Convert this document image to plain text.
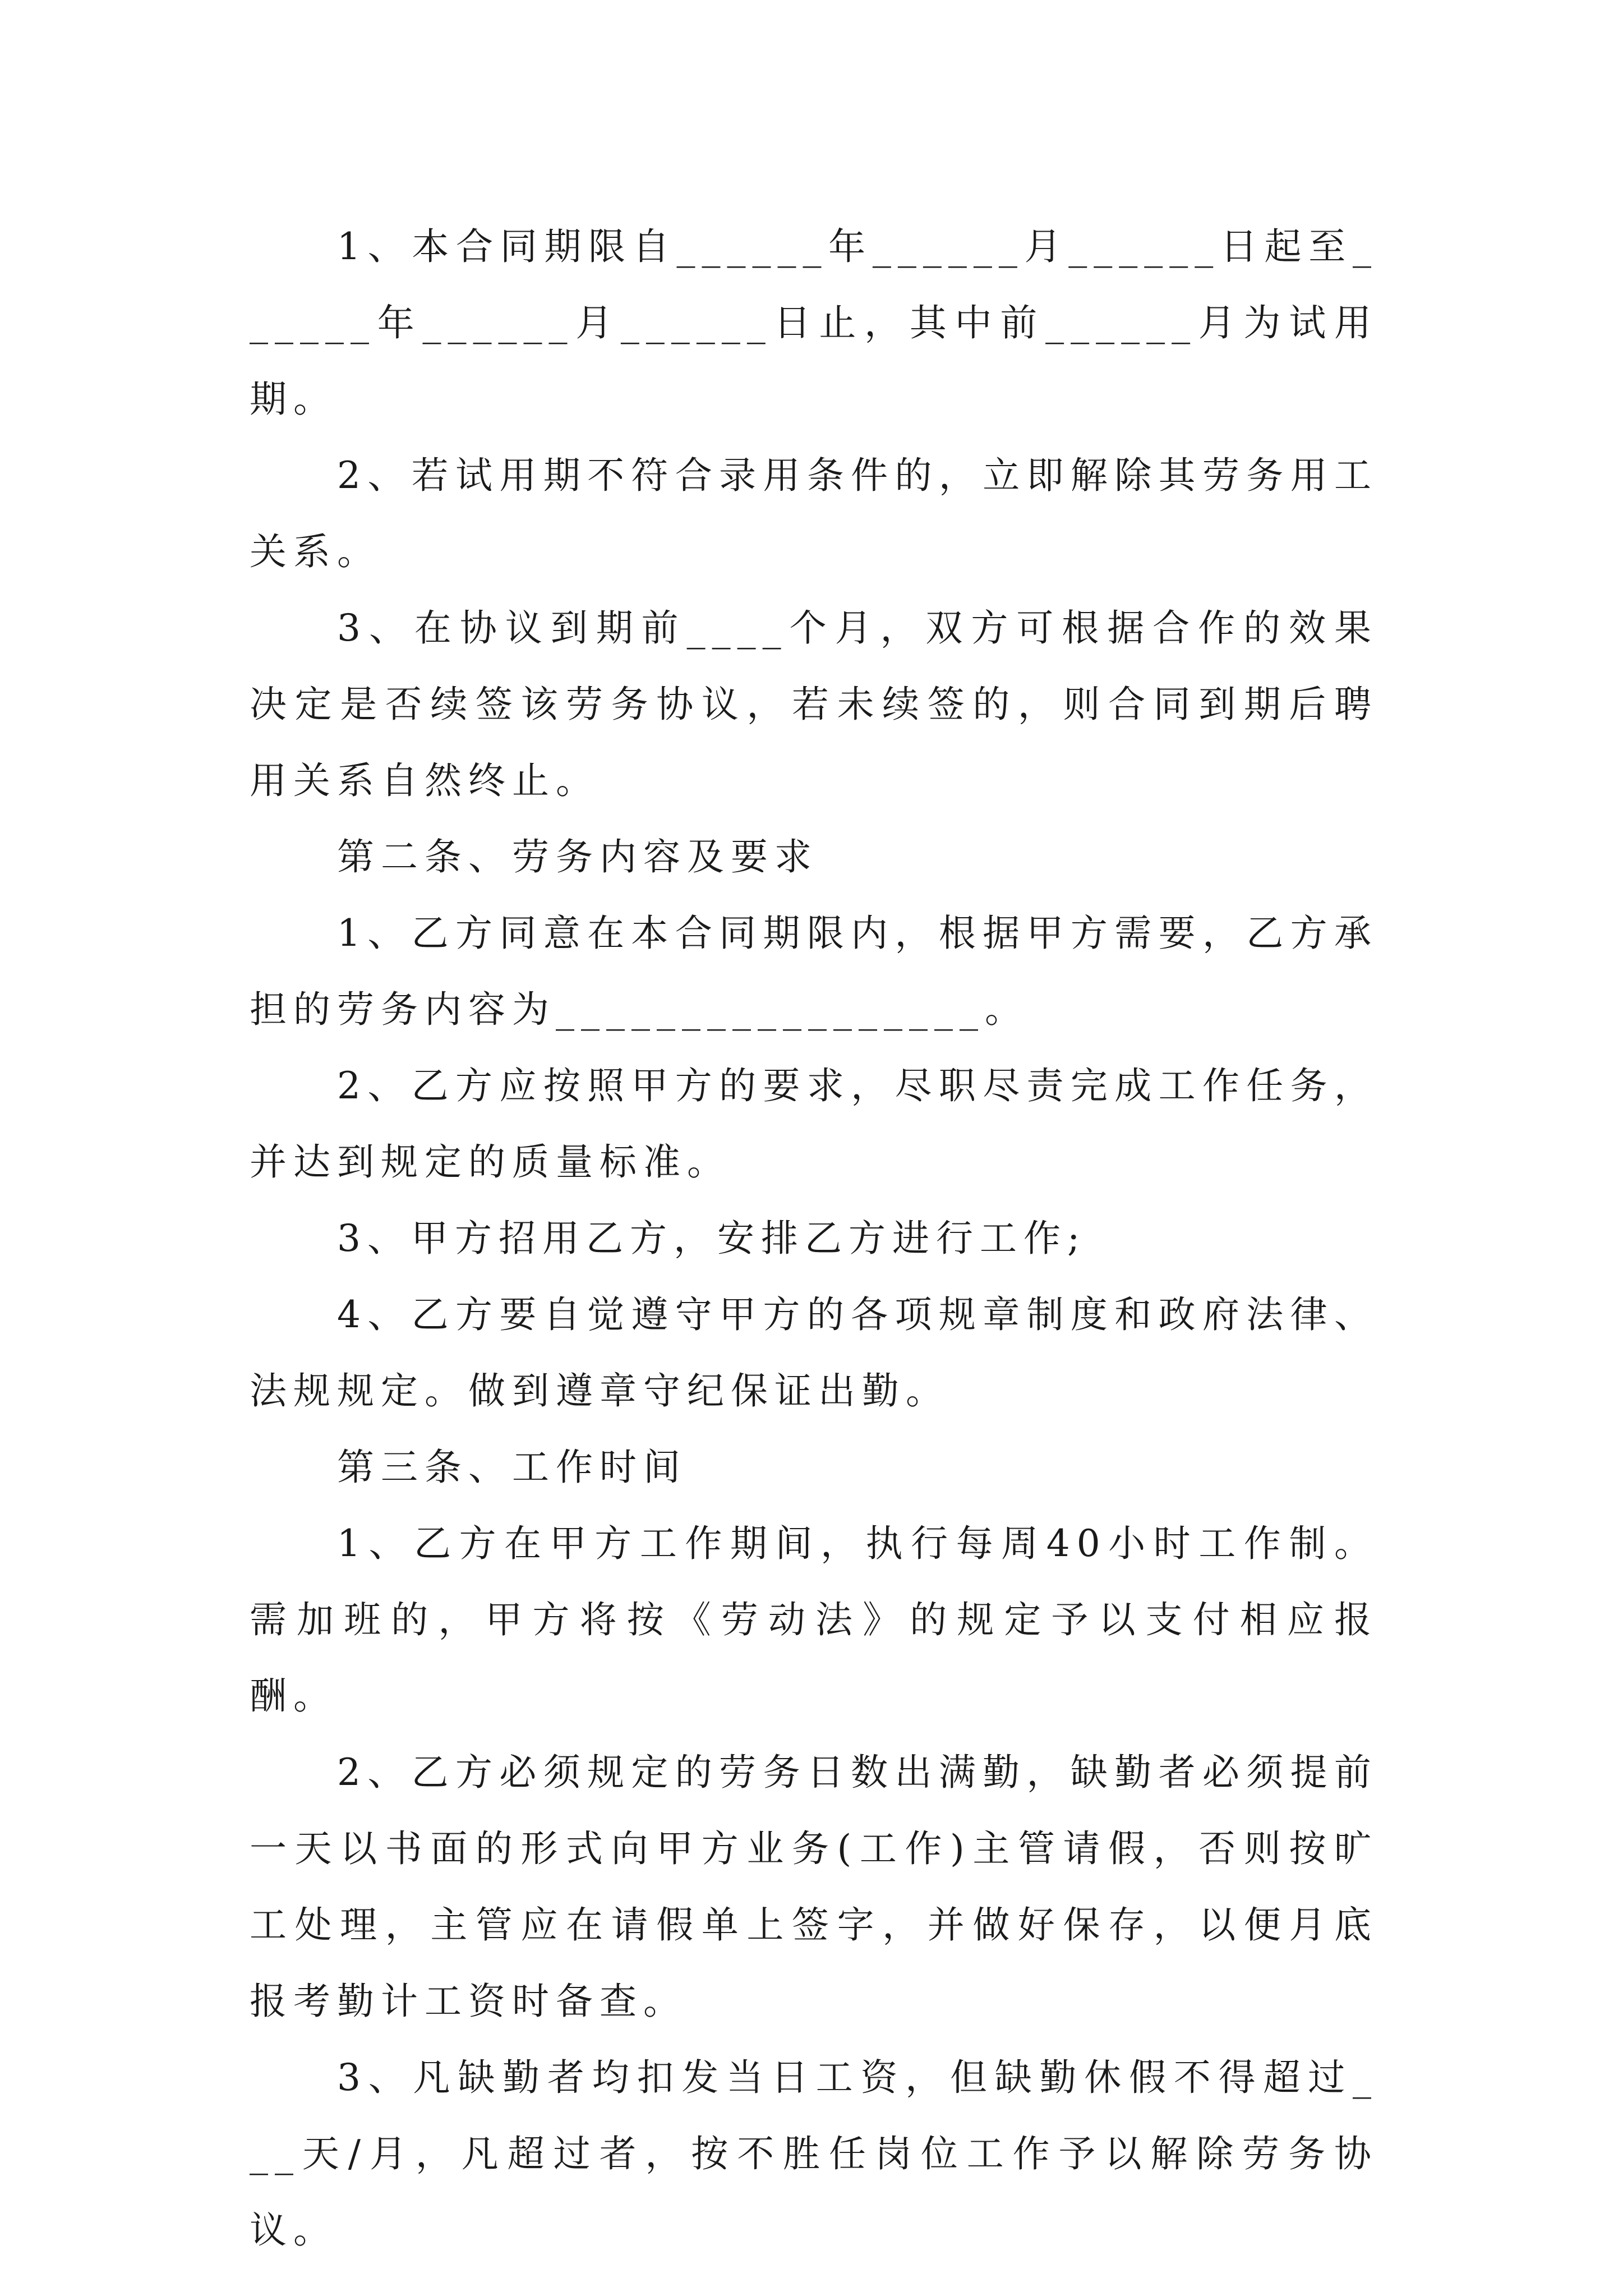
1、本合同期限自______年______月______日起至______年______月______日止，其中前______月为试用期。

2、若试用期不符合录用条件的，立即解除其劳务用工关系。

3、在协议到期前____个月，双方可根据合作的效果决定是否续签该劳务协议，若未续签的，则合同到期后聘用关系自然终止。

第二条、劳务内容及要求

1、乙方同意在本合同期限内，根据甲方需要，乙方承担的劳务内容为_________________。

2、乙方应按照甲方的要求，尽职尽责完成工作任务，并达到规定的质量标准。

3、甲方招用乙方，安排乙方进行工作;

4、乙方要自觉遵守甲方的各项规章制度和政府法律、法规规定。做到遵章守纪保证出勤。

第三条、工作时间

1、乙方在甲方工作期间，执行每周40小时工作制。需加班的，甲方将按《劳动法》的规定予以支付相应报酬。

2、乙方必须规定的劳务日数出满勤，缺勤者必须提前一天以书面的形式向甲方业务(工作)主管请假，否则按旷工处理，主管应在请假单上签字，并做好保存，以便月底报考勤计工资时备查。

3、凡缺勤者均扣发当日工资，但缺勤休假不得超过___天/月，凡超过者，按不胜任岗位工作予以解除劳务协议。
